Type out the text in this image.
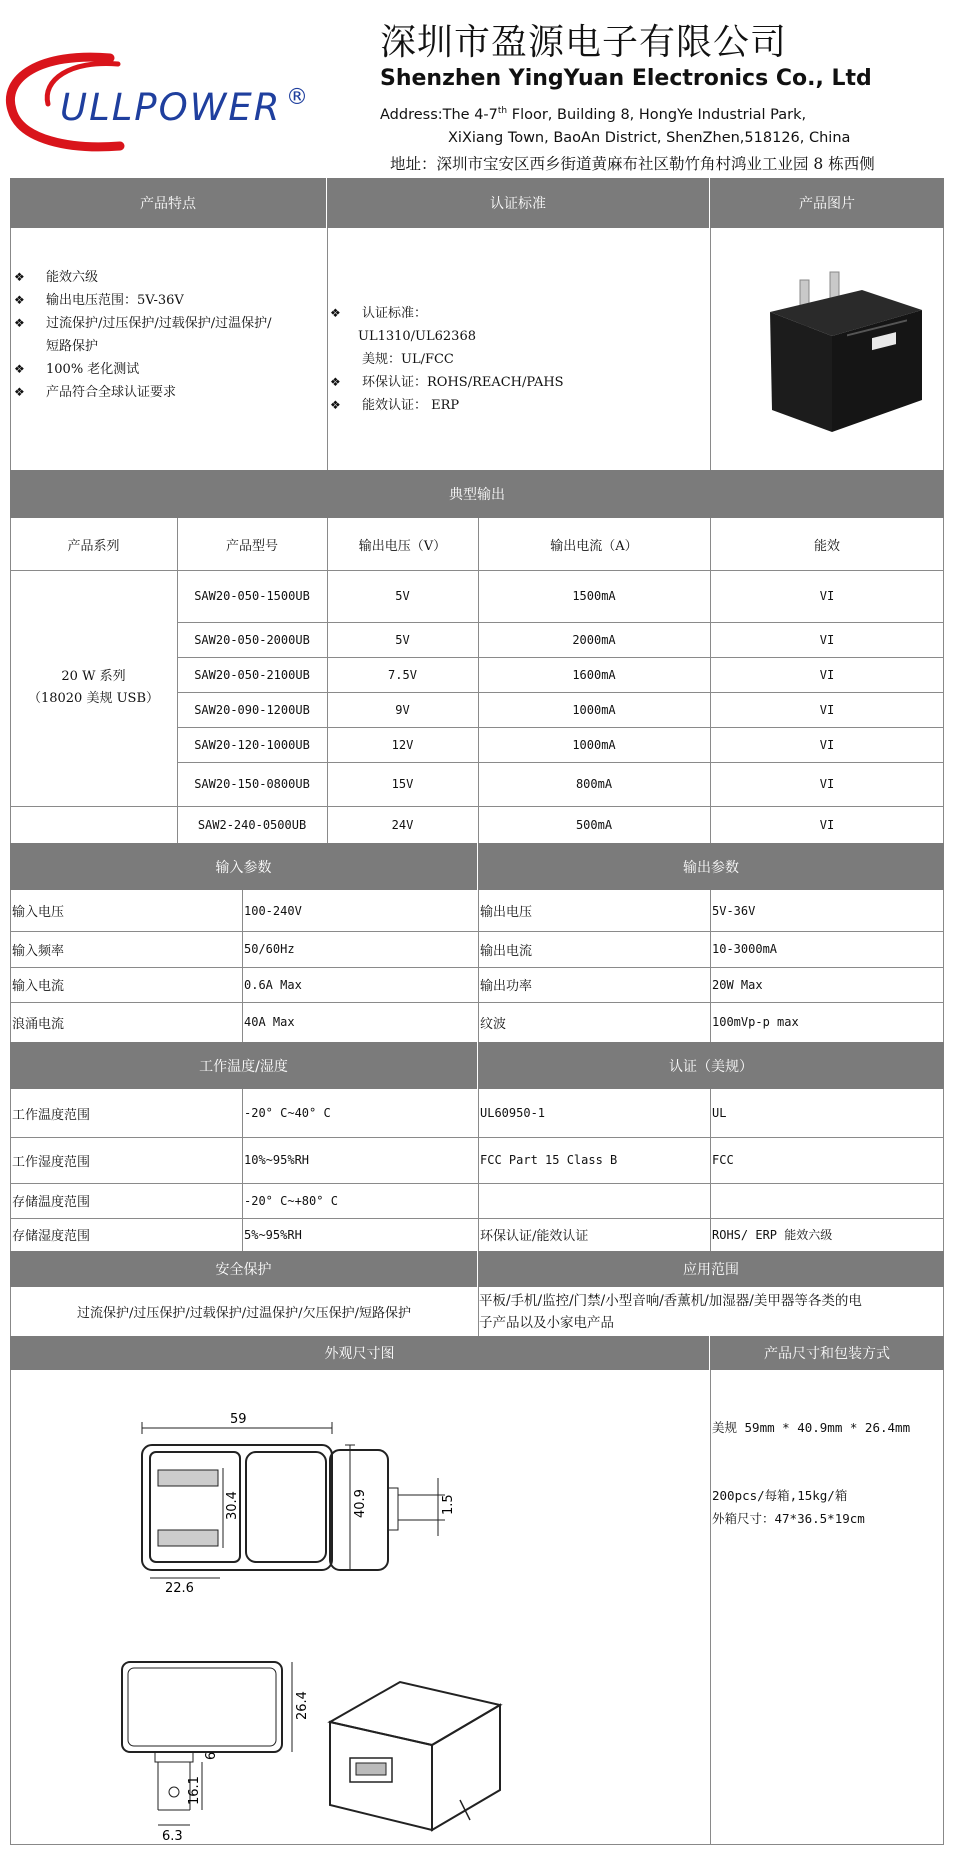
ULLPOWER ®
深圳市盈源电子有限公司
Shenzhen YingYuan Electronics Co., Ltd
Address:The 4-7th Floor, Building 8, HongYe Industrial Park,
XiXiang Town, BaoAn District, ShenZhen,518126, China
地址：深圳市宝安区西乡街道黄麻布社区勒竹角村鸿业工业园 8 栋西侧
产品特点	认证标准	产品图片
❖ 能效六级
❖ 输出电压范围：5V-36V
❖ 过流保护/过压保护/过载保护/过温保护/
短路保护
❖ 100% 老化测试
❖ 产品符合全球认证要求
❖ 认证标准：
UL1310/UL62368
美规：UL/FCC
❖ 环保认证：ROHS/REACH/PAHS
❖ 能效认证： ERP
典型输出
产品系列	产品型号	输出电压（V）	输出电流（A）	能效
20 W 系列
（18020 美规 USB）
SAW20-050-1500UB	5V	1500mA	VI
SAW20-050-2000UB	5V	2000mA	VI
SAW20-050-2100UB	7.5V	1600mA	VI
SAW20-090-1200UB	9V	1000mA	VI
SAW20-120-1000UB	12V	1000mA	VI
SAW20-150-0800UB	15V	800mA	VI
SAW2-240-0500UB	24V	500mA	VI
输入参数	输出参数
输入电压	100-240V	输出电压	5V-36V
输入频率	50/60Hz	输出电流	10-3000mA
输入电流	0.6A Max	输出功率	20W Max
浪涌电流	40A Max	纹波	100mVp-p max
工作温度/湿度	认证（美规）
工作温度范围	-20° C~40° C	UL60950-1	UL
工作湿度范围	10%~95%RH	FCC Part 15 Class B	FCC
存储温度范围	-20° C~+80° C
存储湿度范围	5%~95%RH	环保认证/能效认证	ROHS/ ERP 能效六级
安全保护	应用范围
过流保护/过压保护/过载保护/过温保护/欠压保护/短路保护
平板/手机/监控/门禁/小型音响/香薰机/加湿器/美甲器等各类的电
子产品以及小家电产品
外观尺寸图	产品尺寸和包装方式
美规 59mm * 40.9mm * 26.4mm
200pcs/每箱,15kg/箱
外箱尺寸：47*36.5*19cm
59
40.9
30.4
22.6
1.5
26.4
6
16.1
6.3
